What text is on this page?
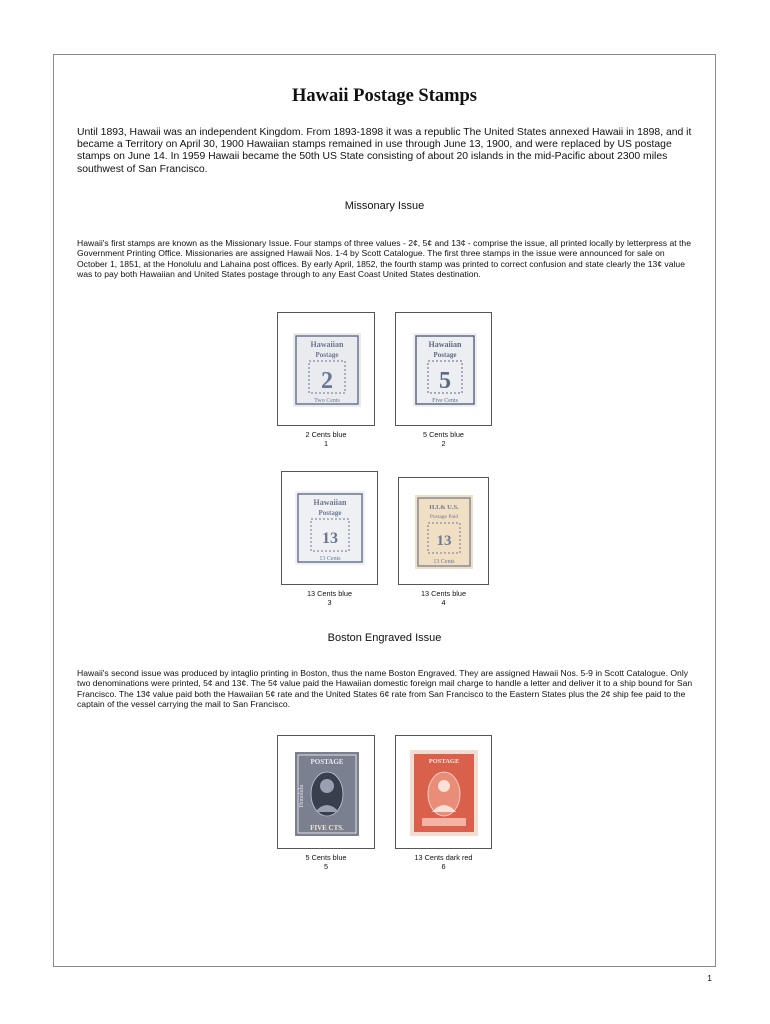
Hawaii Postage Stamps
Until 1893, Hawaii was an independent Kingdom. From 1893-1898 it was a republic The United States annexed Hawaii in 1898, and it became a Territory on April 30, 1900 Hawaiian stamps remained in use through June 13, 1900, and were replaced by US postage stamps on June 14. In 1959 Hawaii became the 50th US State consisting of about 20 islands in the mid-Pacific about 2300 miles southwest of San Francisco.
Missonary Issue
Hawaii's first stamps are known as the Missionary Issue. Four stamps of three values - 2¢, 5¢ and 13¢ - comprise the issue, all printed locally by letterpress at the Government Printing Office. Missionaries are assigned Hawaii Nos. 1-4 by Scott Catalogue. The first three stamps in the issue were announced for sale on October 1, 1851, at the Honolulu and Lahaina post offices. By early April, 1852, the fourth stamp was printed to correct confusion and state clearly the 13¢ value was to pay both Hawaiian and United States postage through to any East Coast United States destination.
Hawaiian
Postage
2
Two Cents
2 Cents blue
1
Hawaiian
Postage
5
Five Cents
5 Cents blue
2
Hawaiian
Postage
13
13 Cents
13 Cents blue
3
H.I.& U.S.
Postage Paid
13
13 Cents
13 Cents blue
4
Boston Engraved Issue
Hawaii's second issue was produced by intaglio printing in Boston, thus the name Boston Engraved. They are assigned Hawaii Nos. 5-9 in Scott Catalogue. Only two denominations were printed, 5¢ and 13¢. The 5¢ value paid the Hawaiian domestic foreign mail charge to handle a letter and deliver it to a ship bound for San Francisco. The 13¢ value paid both the Hawaiian 5¢ rate and the United States 6¢ rate from San Francisco to the Eastern States plus the 2¢ ship fee paid to the captain of the vessel carrying the mail to San Francisco.
POSTAGE
Honolulu
FIVE CTS.
5 Cents blue
5
POSTAGE
13 Cents dark red
6
1
